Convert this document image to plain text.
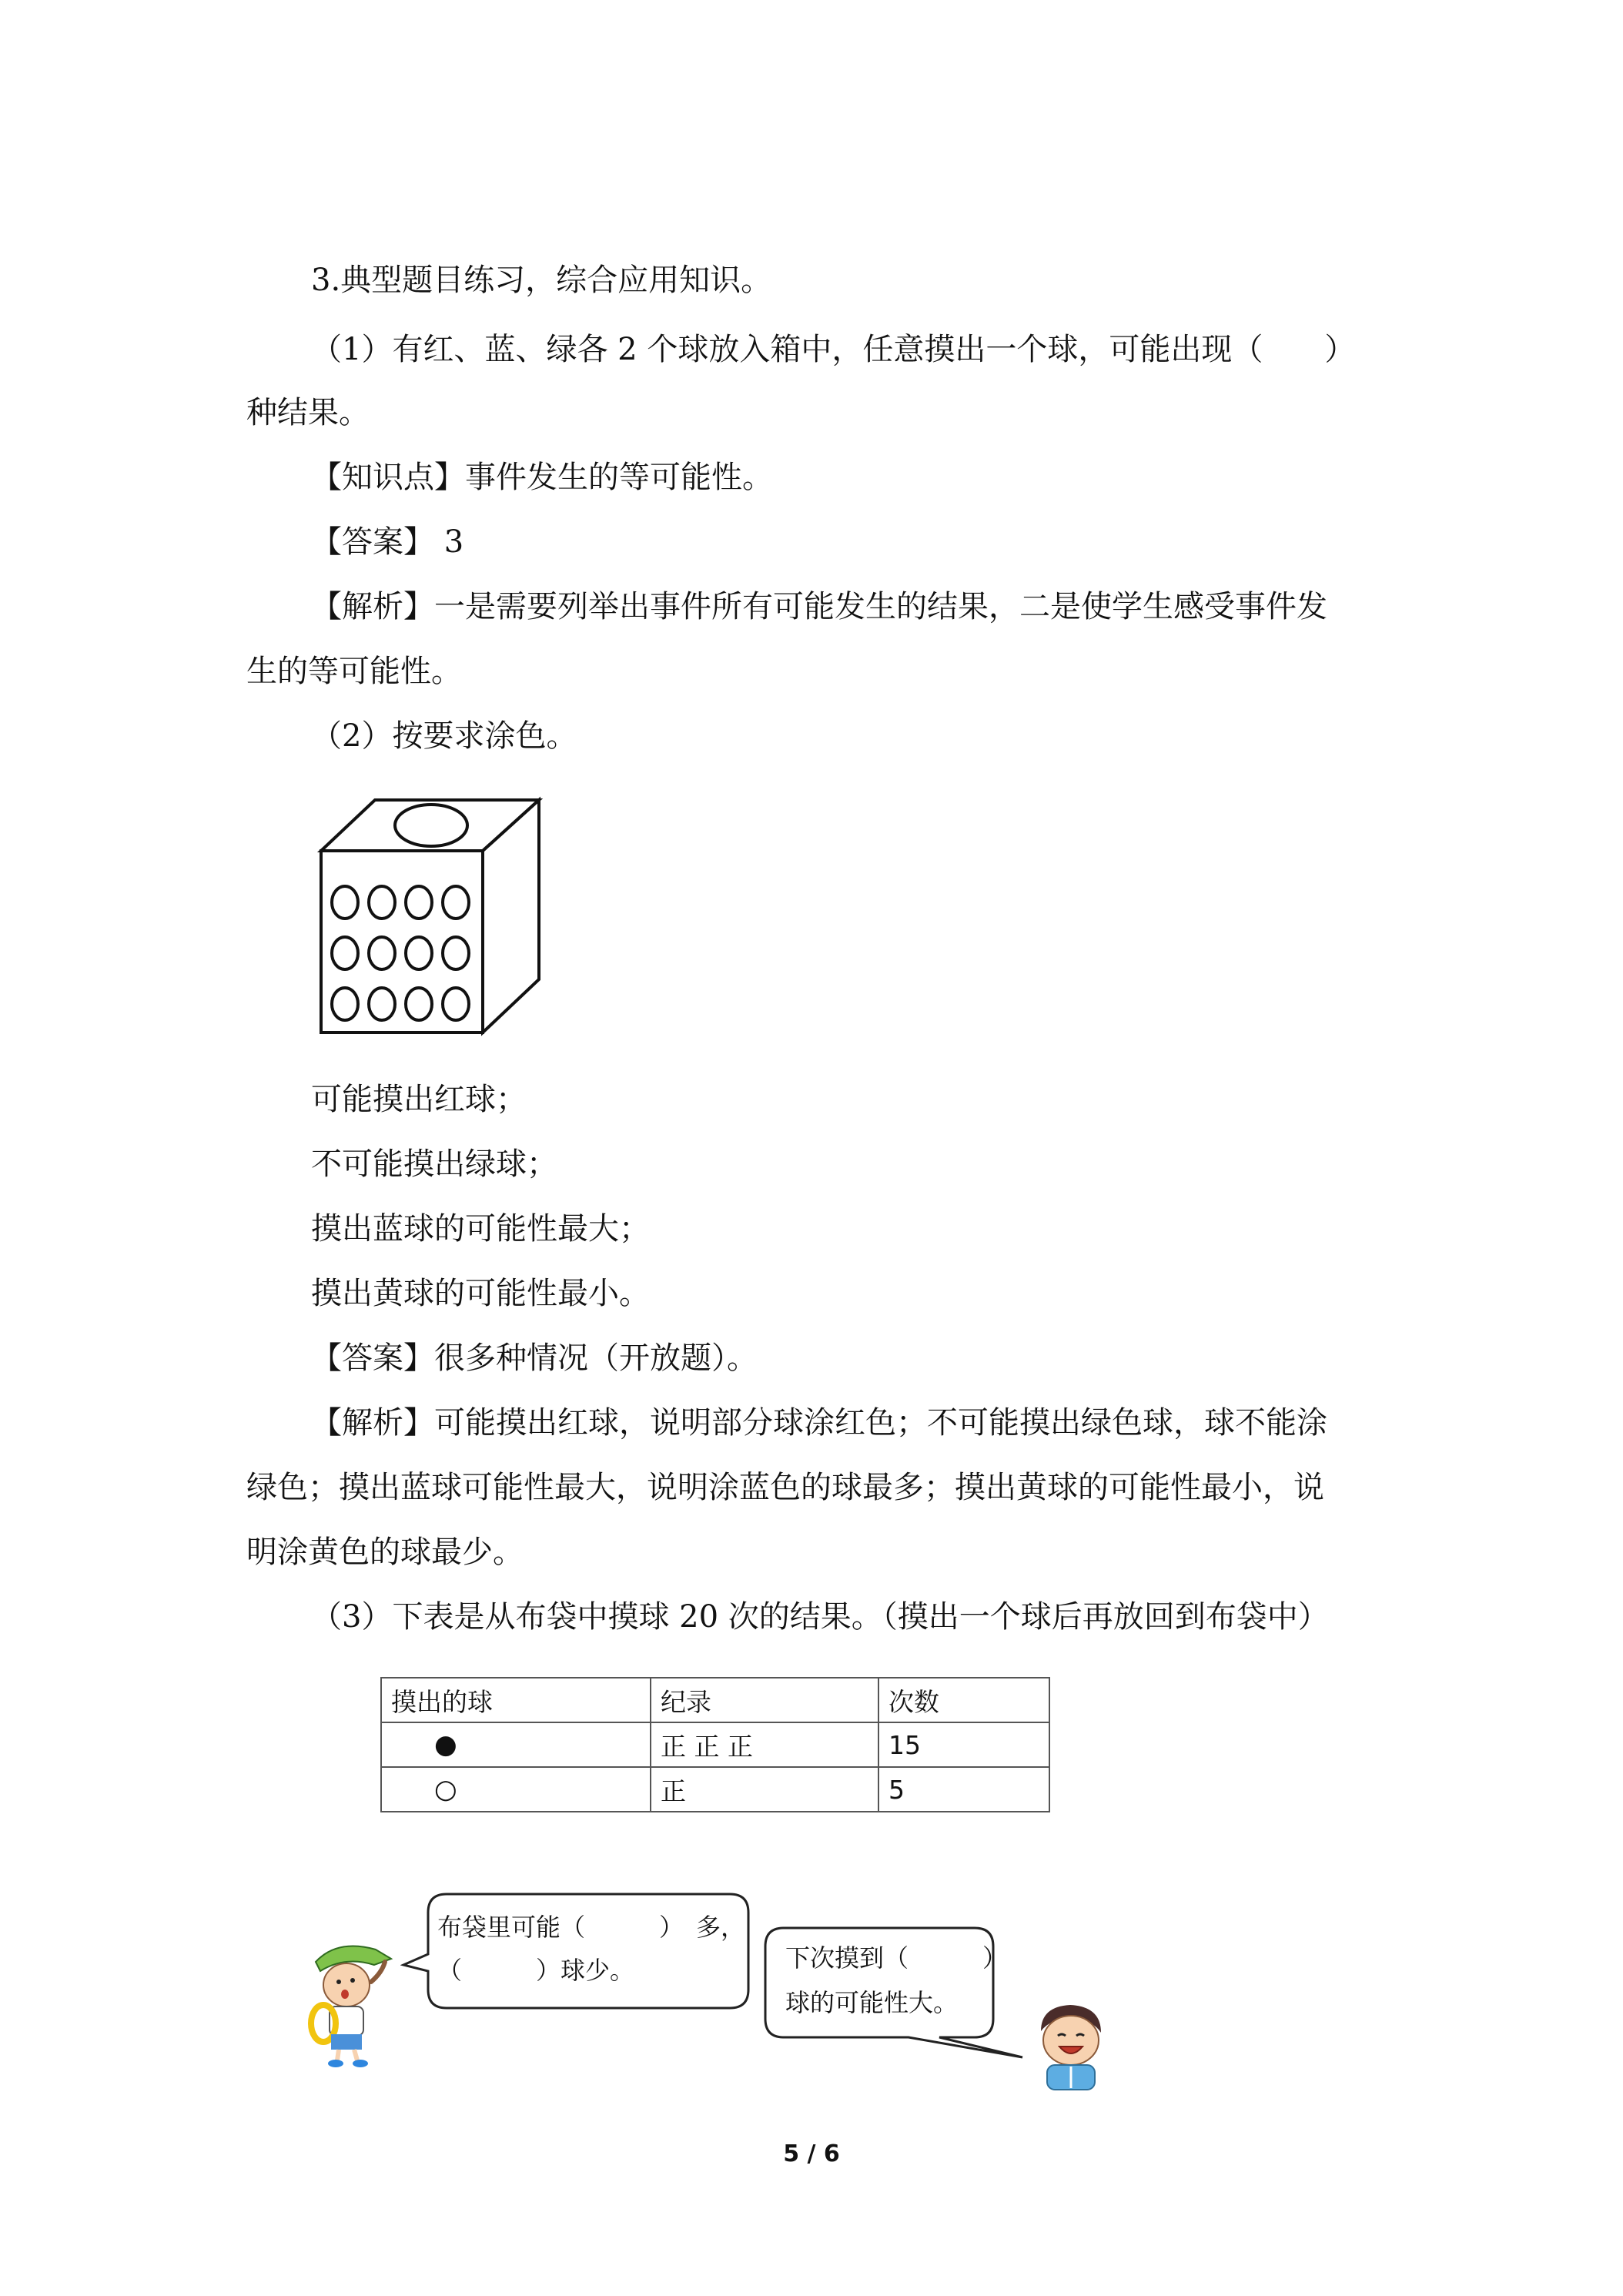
3.典型题目练习，综合应用知识。
（1）有红、蓝、绿各 2 个球放入箱中，任意摸出一个球，可能出现（　　）
种结果。
【知识点】事件发生的等可能性。
【答案】 3
【解析】一是需要列举出事件所有可能发生的结果，二是使学生感受事件发
生的等可能性。
（2）按要求涂色。
可能摸出红球；
不可能摸出绿球；
摸出蓝球的可能性最大；
摸出黄球的可能性最小。
【答案】很多种情况（开放题）。
【解析】可能摸出红球，说明部分球涂红色；不可能摸出绿色球，球不能涂
绿色；摸出蓝球可能性最大，说明涂蓝色的球最多；摸出黄球的可能性最小，说
明涂黄色的球最少。
（3）下表是从布袋中摸球 20 次的结果。（摸出一个球后再放回到布袋中）
摸出的球	纪录	次数
●	正 正 正	15
○	正	5
布袋里可能（　　　）　多，
（　　　）球少。	下次摸到（　　　）
球的可能性大。
5 / 6
